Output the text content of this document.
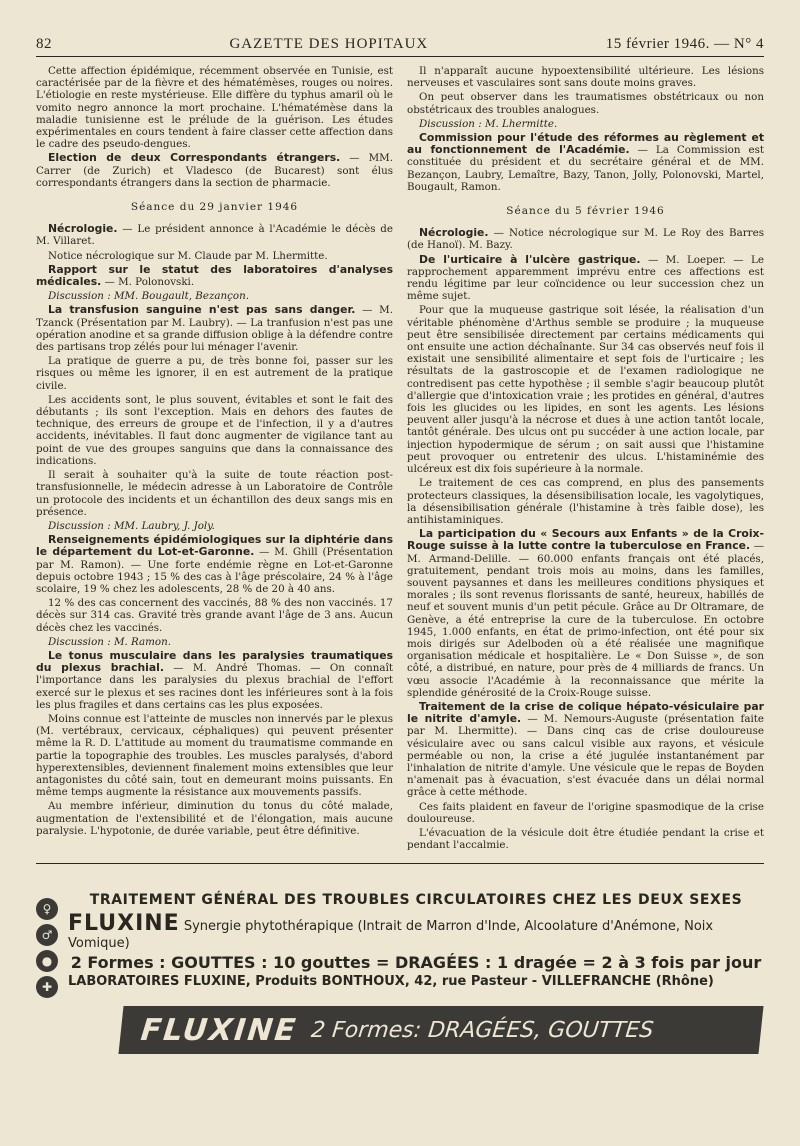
82	GAZETTE DES HOPITAUX	15 février 1946. — N° 4

Cette affection épidémique, récemment observée en Tunisie, est caractérisée par de la fièvre et des hématémèses, rouges ou noires. L'étiologie en reste mystérieuse. Elle diffère du typhus amaril où le vomito negro annonce la mort prochaine. L'hématémèse dans la maladie tunisienne est le prélude de la guérison. Les études expérimentales en cours tendent à faire classer cette affection dans le cadre des pseudo-dengues.

Election de deux Correspondants étrangers. — MM. Carrer (de Zurich) et Vladesco (de Bucarest) sont élus correspondants étrangers dans la section de pharmacie.

Séance du 29 janvier 1946

Nécrologie. — Le président annonce à l'Académie le décès de M. Villaret.

Notice nécrologique sur M. Claude par M. Lhermitte.

Rapport sur le statut des laboratoires d'analyses médicales. — M. Polonovski.

Discussion : MM. Bougault, Bezançon.

La transfusion sanguine n'est pas sans danger. — M. Tzanck (Présentation par M. Laubry). — La tranfusion n'est pas une opération anodine et sa grande diffusion oblige à la défendre contre des partisans trop zélés pour lui ménager l'avenir.

La pratique de guerre a pu, de très bonne foi, passer sur les risques ou même les ignorer, il en est autrement de la pratique civile.

Les accidents sont, le plus souvent, évitables et sont le fait des débutants ; ils sont l'exception. Mais en dehors des fautes de technique, des erreurs de groupe et de l'infection, il y a d'autres accidents, inévitables. Il faut donc augmenter de vigilance tant au point de vue des groupes sanguins que dans la connaissance des indications.

Il serait à souhaiter qu'à la suite de toute réaction post-transfusionnelle, le médecin adresse à un Laboratoire de Contrôle un protocole des incidents et un échantillon des deux sangs mis en présence.

Discussion : MM. Laubry, J. Joly.

Renseignements épidémiologiques sur la diphtérie dans le département du Lot-et-Garonne. — M. Ghill (Présentation par M. Ramon). — Une forte endémie règne en Lot-et-Garonne depuis octobre 1943 ; 15 % des cas à l'âge préscolaire, 24 % à l'âge scolaire, 19 % chez les adolescents, 28 % de 20 à 40 ans.

12 % des cas concernent des vaccinés, 88 % des non vaccinés. 17 décès sur 314 cas. Gravité très grande avant l'âge de 3 ans. Aucun décès chez les vaccinés.

Discussion : M. Ramon.

Le tonus musculaire dans les paralysies traumatiques du plexus brachial. — M. André Thomas. — On connaît l'importance dans les paralysies du plexus brachial de l'effort exercé sur le plexus et ses racines dont les inférieures sont à la fois les plus fragiles et dans certains cas les plus exposées.

Moins connue est l'atteinte de muscles non innervés par le plexus (M. vertébraux, cervicaux, céphaliques) qui peuvent présenter même la R. D. L'attitude au moment du traumatisme commande en partie la topographie des troubles. Les muscles paralysés, d'abord hyperextensibles, deviennent finalement moins extensibles que leur antagonistes du côté sain, tout en demeurant moins puissants. En même temps augmente la résistance aux mouvements passifs.

Au membre inférieur, diminution du tonus du côté malade, augmentation de l'extensibilité et de l'élongation, mais aucune paralysie. L'hypotonie, de durée variable, peut être définitive.

Il n'apparaît aucune hypoextensibilité ultérieure. Les lésions nerveuses et vasculaires sont sans doute moins graves.

On peut observer dans les traumatismes obstétricaux ou non obstétricaux des troubles analogues.

Discussion : M. Lhermitte.

Commission pour l'étude des réformes au règlement et au fonctionnement de l'Académie. — La Commission est constituée du président et du secrétaire général et de MM. Bezançon, Laubry, Lemaître, Bazy, Tanon, Jolly, Polonovski, Martel, Bougault, Ramon.

Séance du 5 février 1946

Nécrologie. — Notice nécrologique sur M. Le Roy des Barres (de Hanoï). M. Bazy.

De l'urticaire à l'ulcère gastrique. — M. Loeper. — Le rapprochement apparemment imprévu entre ces affections est rendu légitime par leur coïncidence ou leur succession chez un même sujet.

Pour que la muqueuse gastrique soit lésée, la réalisation d'un véritable phénomène d'Arthus semble se produire ; la muqueuse peut être sensibilisée directement par certains médicaments qui ont ensuite une action déchaînante. Sur 34 cas observés neuf fois il existait une sensibilité alimentaire et sept fois de l'urticaire ; les résultats de la gastroscopie et de l'examen radiologique ne contredisent pas cette hypothèse ; il semble s'agir beaucoup plutôt d'allergie que d'intoxication vraie ; les protides en général, d'autres fois les glucides ou les lipides, en sont les agents. Les lésions peuvent aller jusqu'à la nécrose et dues à une action tantôt locale, tantôt générale. Des ulcus ont pu succéder à une action locale, par injection hypodermique de sérum ; on sait aussi que l'histamine peut provoquer ou entretenir des ulcus. L'histaminémie des ulcéreux est dix fois supérieure à la normale.

Le traitement de ces cas comprend, en plus des pansements protecteurs classiques, la désensibilisation locale, les vagolytiques, la désensibilisation générale (l'histamine à très faible dose), les antihistaminiques.

La participation du « Secours aux Enfants » de la Croix-Rouge suisse à la lutte contre la tuberculose en France. — M. Armand-Delille. — 60.000 enfants français ont été placés, gratuitement, pendant trois mois au moins, dans les familles, souvent paysannes et dans les meilleures conditions physiques et morales ; ils sont revenus florissants de santé, heureux, habillés de neuf et souvent munis d'un petit pécule. Grâce au Dr Oltramare, de Genève, a été entreprise la cure de la tuberculose. En octobre 1945, 1.000 enfants, en état de primo-infection, ont été pour six mois dirigés sur Adelboden où a été réalisée une magnifique organisation médicale et hospitalière. Le « Don Suisse », de son côté, a distribué, en nature, pour près de 4 milliards de francs. Un vœu associe l'Académie à la reconnaissance que mérite la splendide générosité de la Croix-Rouge suisse.

Traitement de la crise de colique hépato-vésiculaire par le nitrite d'amyle. — M. Nemours-Auguste (présentation faite par M. Lhermitte). — Dans cinq cas de crise douloureuse vésiculaire avec ou sans calcul visible aux rayons, et vésicule perméable ou non, la crise a été jugulée instantanément par l'inhalation de nitrite d'amyle. Une vésicule que le repas de Boyden n'amenait pas à évacuation, s'est évacuée dans un délai normal grâce à cette méthode.

Ces faits plaident en faveur de l'origine spasmodique de la crise douloureuse.

L'évacuation de la vésicule doit être étudiée pendant la crise et pendant l'accalmie.

♀
♂
●
✚
TRAITEMENT GÉNÉRAL DES TROUBLES CIRCULATOIRES CHEZ LES DEUX SEXES
FLUXINE Synergie phytothérapique (Intrait de Marron d'Inde, Alcoolature d'Anémone, Noix Vomique)
2 Formes : GOUTTES : 10 gouttes = DRAGÉES : 1 dragée = 2 à 3 fois par jour
LABORATOIRES FLUXINE, Produits BONTHOUX, 42, rue Pasteur - VILLEFRANCHE (Rhône)
FLUXINE 2 Formes: DRAGÉES, GOUTTES
